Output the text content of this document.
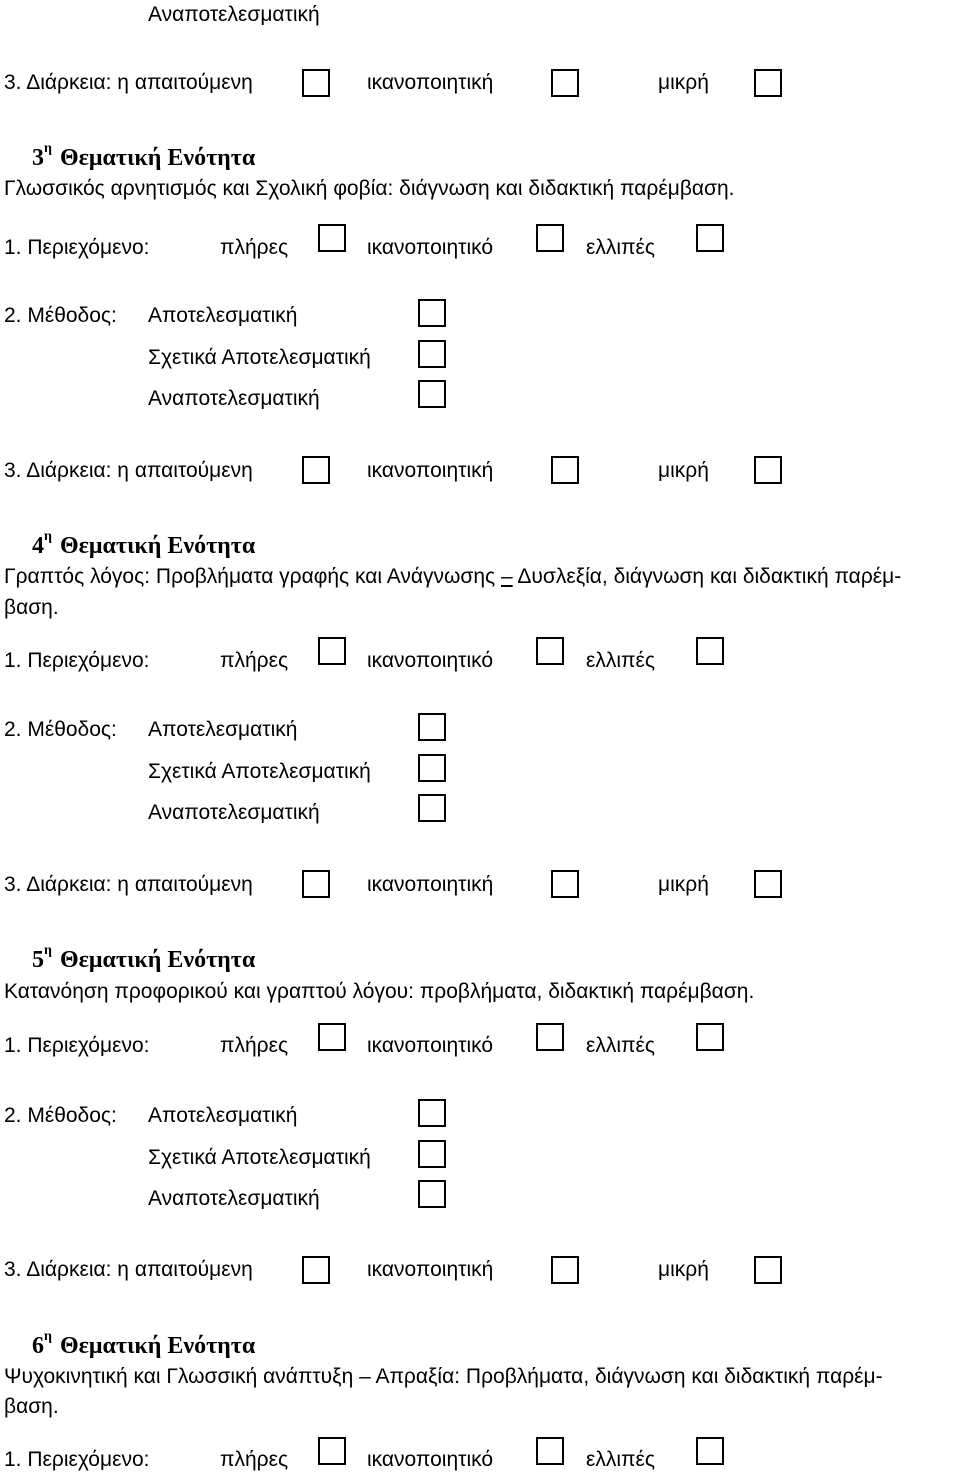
Αναποτελεσματική
3. Διάρκεια: η απαιτούμενη	ικανοποιητική	μικρή
$3^\eta$ Θεματική Ενότητα
Γλωσσικός αρνητισμός και Σχολική φοβία: διάγνωση και διδακτική παρέμβαση.
1. Περιεχόμενο:	πλήρες	ικανοποιητικό	ελλιπές
2. Μέθοδος: Αποτελεσματική
Σχετικά Αποτελεσματική
Αναποτελεσματική
3. Διάρκεια: η απαιτούμενη	ικανοποιητική	μικρή
$4^\eta$ Θεματική Ενότητα
Γραπτός λόγος: Προβλήματα γραφής και Ανάγνωσης – Δυσλεξία, διάγνωση και διδακτική παρέμ-
βαση.
1. Περιεχόμενο:	πλήρες	ικανοποιητικό	ελλιπές
2. Μέθοδος: Αποτελεσματική
Σχετικά Αποτελεσματική
Αναποτελεσματική
3. Διάρκεια: η απαιτούμενη	ικανοποιητική	μικρή
$5^\eta$ Θεματική Ενότητα
Κατανόηση προφορικού και γραπτού λόγου: προβλήματα, διδακτική παρέμβαση.
1. Περιεχόμενο:	πλήρες	ικανοποιητικό	ελλιπές
2. Μέθοδος: Αποτελεσματική
Σχετικά Αποτελεσματική
Αναποτελεσματική
3. Διάρκεια: η απαιτούμενη	ικανοποιητική	μικρή
$6^\eta$ Θεματική Ενότητα
Ψυχοκινητική και Γλωσσική ανάπτυξη – Απραξία: Προβλήματα, διάγνωση και διδακτική παρέμ-
βαση.
1. Περιεχόμενο:	πλήρες	ικανοποιητικό	ελλιπές
